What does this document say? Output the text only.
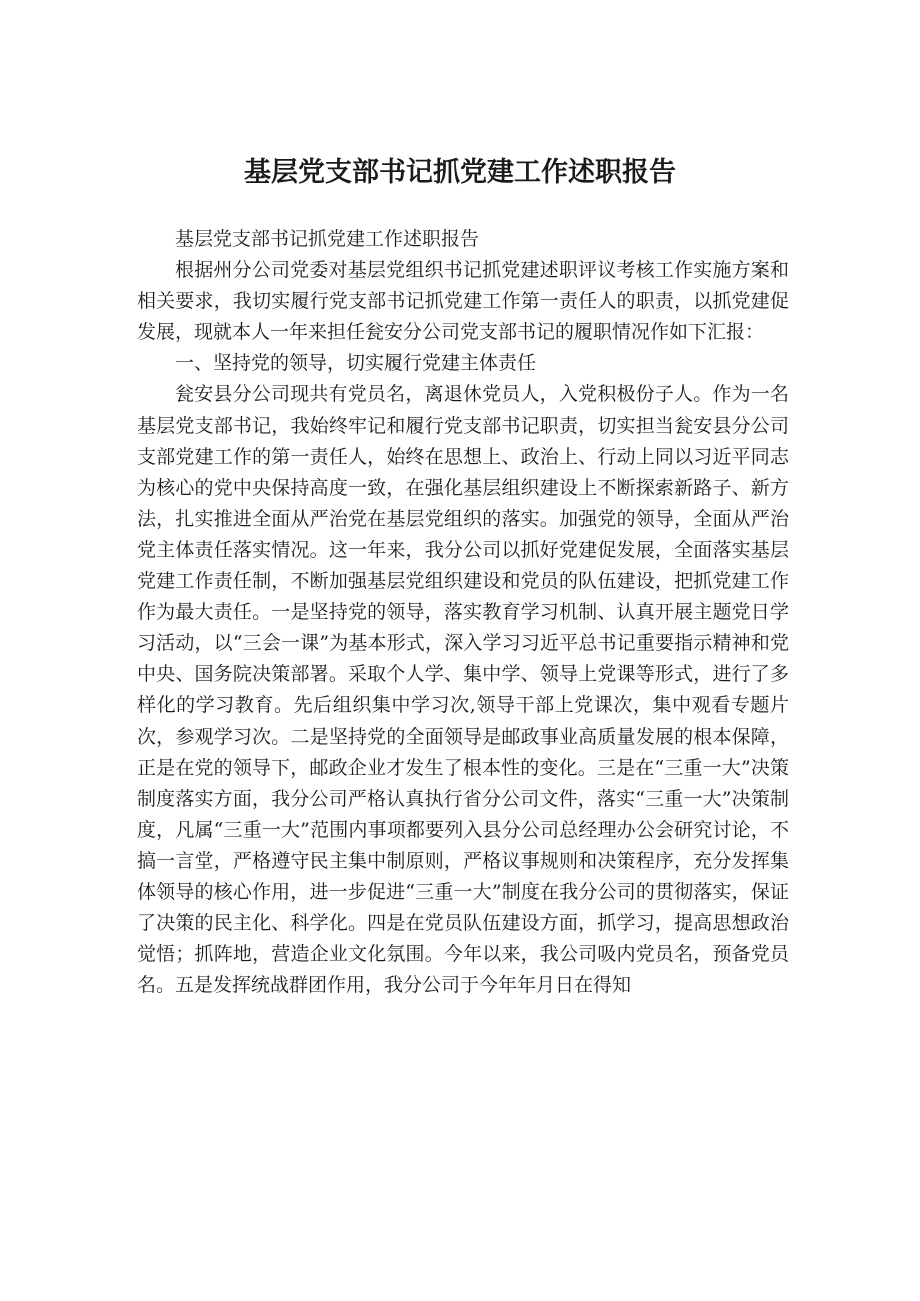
基层党支部书记抓党建工作述职报告

基层党支部书记抓党建工作述职报告

根据州分公司党委对基层党组织书记抓党建述职评议考核工作实施方案和相关要求，我切实履行党支部书记抓党建工作第一责任人的职责，以抓党建促发展，现就本人一年来担任瓮安分公司党支部书记的履职情况作如下汇报：

一、坚持党的领导，切实履行党建主体责任

瓮安县分公司现共有党员名，离退休党员人，入党积极份子人。作为一名基层党支部书记，我始终牢记和履行党支部书记职责，切实担当瓮安县分公司支部党建工作的第一责任人，始终在思想上、政治上、行动上同以习近平同志为核心的党中央保持高度一致，在强化基层组织建设上不断探索新路子、新方法，扎实推进全面从严治党在基层党组织的落实。加强党的领导，全面从严治党主体责任落实情况。这一年来，我分公司以抓好党建促发展，全面落实基层党建工作责任制，不断加强基层党组织建设和党员的队伍建设，把抓党建工作作为最大责任。一是坚持党的领导，落实教育学习机制、认真开展主题党日学习活动，以“三会一课”为基本形式，深入学习习近平总书记重要指示精神和党中央、国务院决策部署。采取个人学、集中学、领导上党课等形式，进行了多样化的学习教育。先后组织集中学习次,领导干部上党课次，集中观看专题片次，参观学习次。二是坚持党的全面领导是邮政事业高质量发展的根本保障，正是在党的领导下，邮政企业才发生了根本性的变化。三是在“三重一大”决策制度落实方面，我分公司严格认真执行省分公司文件，落实“三重一大”决策制度，凡属“三重一大”范围内事项都要列入县分公司总经理办公会研究讨论，不搞一言堂，严格遵守民主集中制原则，严格议事规则和决策程序，充分发挥集体领导的核心作用，进一步促进“三重一大”制度在我分公司的贯彻落实，保证了决策的民主化、科学化。四是在党员队伍建设方面，抓学习，提高思想政治觉悟；抓阵地，营造企业文化氛围。今年以来，我公司吸内党员名，预备党员名。五是发挥统战群团作用，我分公司于今年年月日在得知
